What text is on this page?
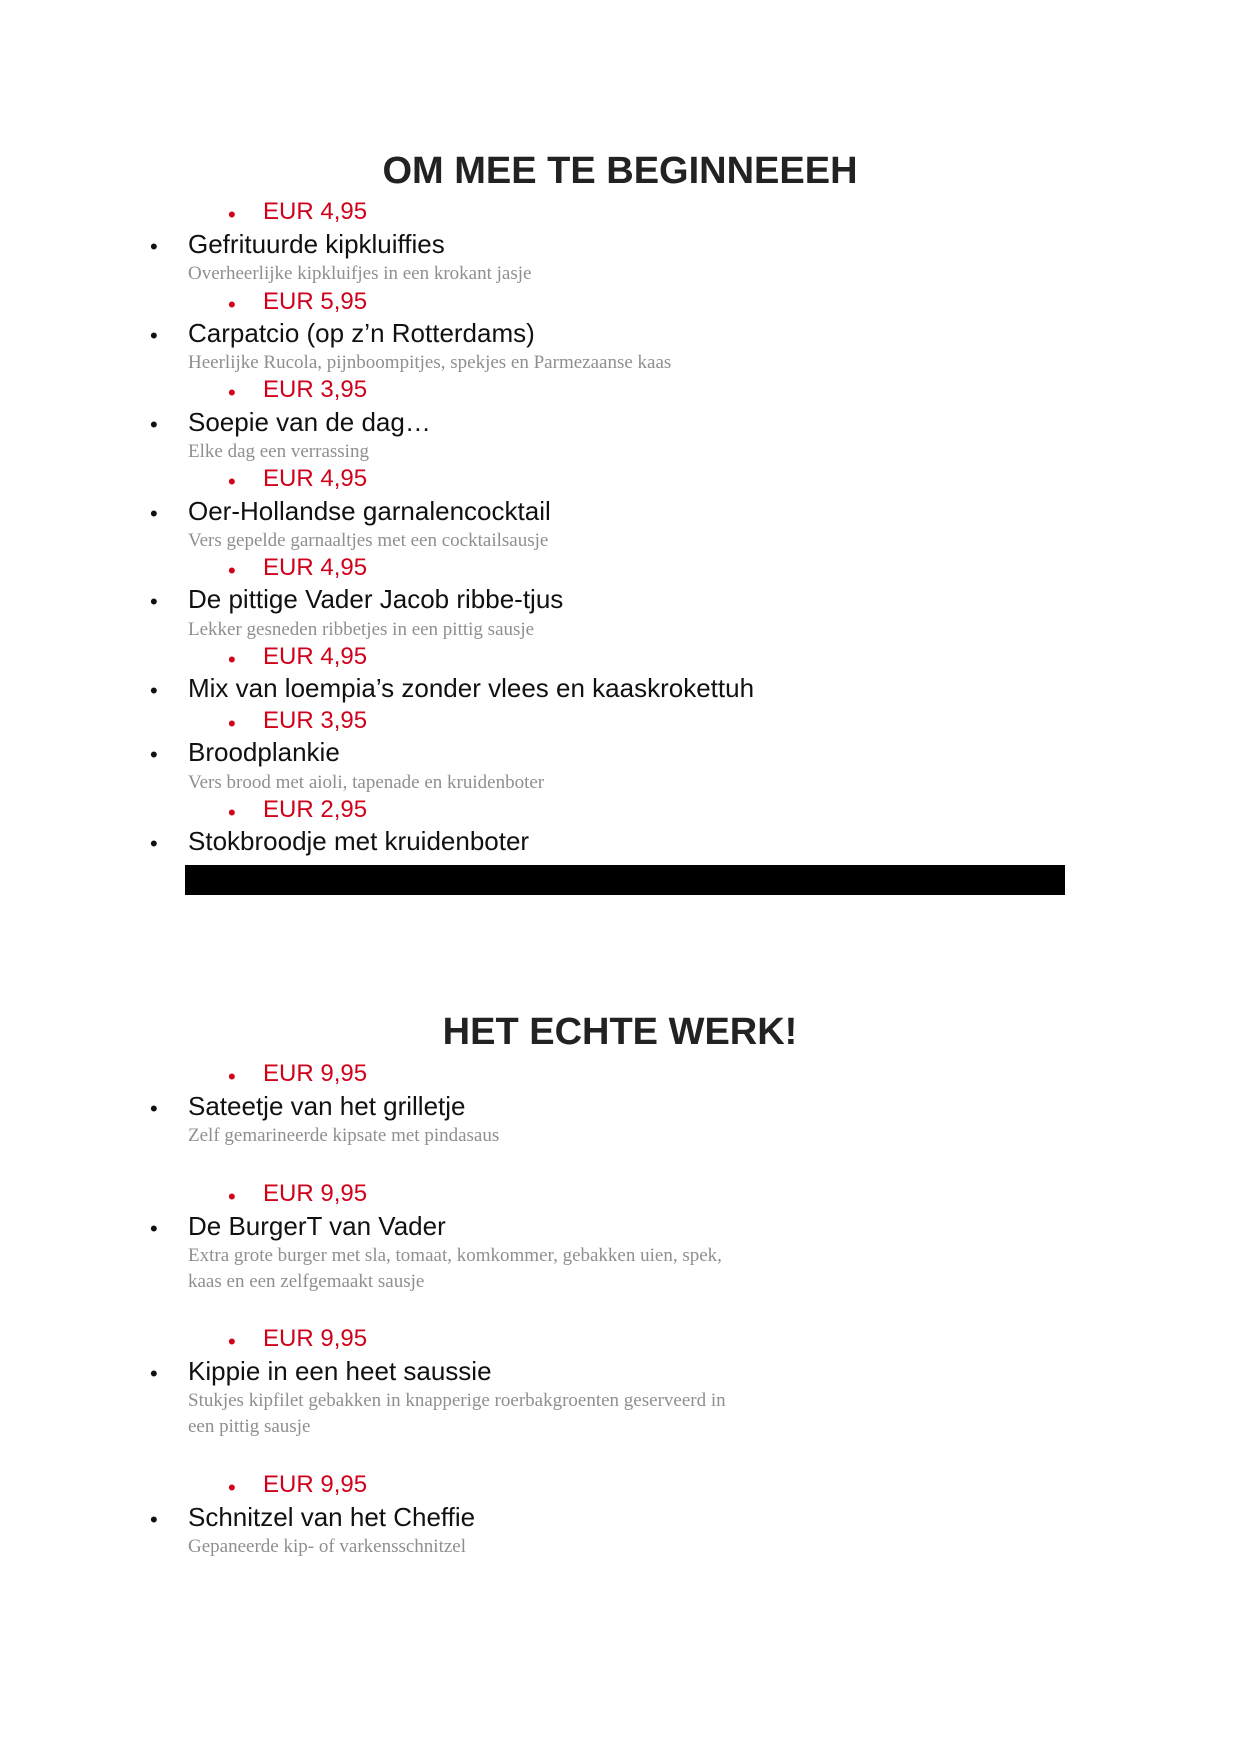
OM MEE TE BEGINNEEEH
• EUR 4,95
• Gefrituurde kipkluiffies
Overheerlijke kipkluifjes in een krokant jasje
• EUR 5,95
• Carpatcio (op z’n Rotterdams)
Heerlijke Rucola, pijnboompitjes, spekjes en Parmezaanse kaas
• EUR 3,95
• Soepie van de dag…
Elke dag een verrassing
• EUR 4,95
• Oer-Hollandse garnalencocktail
Vers gepelde garnaaltjes met een cocktailsausje
• EUR 4,95
• De pittige Vader Jacob ribbe-tjus
Lekker gesneden ribbetjes in een pittig sausje
• EUR 4,95
• Mix van loempia’s zonder vlees en kaaskrokettuh
• EUR 3,95
• Broodplankie
Vers brood met aioli, tapenade en kruidenboter
• EUR 2,95
• Stokbroodje met kruidenboter
HET ECHTE WERK!
• EUR 9,95
• Sateetje van het grilletje
Zelf gemarineerde kipsate met pindasaus
• EUR 9,95
• De BurgerT van Vader
Extra grote burger met sla, tomaat, komkommer, gebakken uien, spek,
kaas en een zelfgemaakt sausje
• EUR 9,95
• Kippie in een heet saussie
Stukjes kipfilet gebakken in knapperige roerbakgroenten geserveerd in
een pittig sausje
• EUR 9,95
• Schnitzel van het Cheffie
Gepaneerde kip- of varkensschnitzel
